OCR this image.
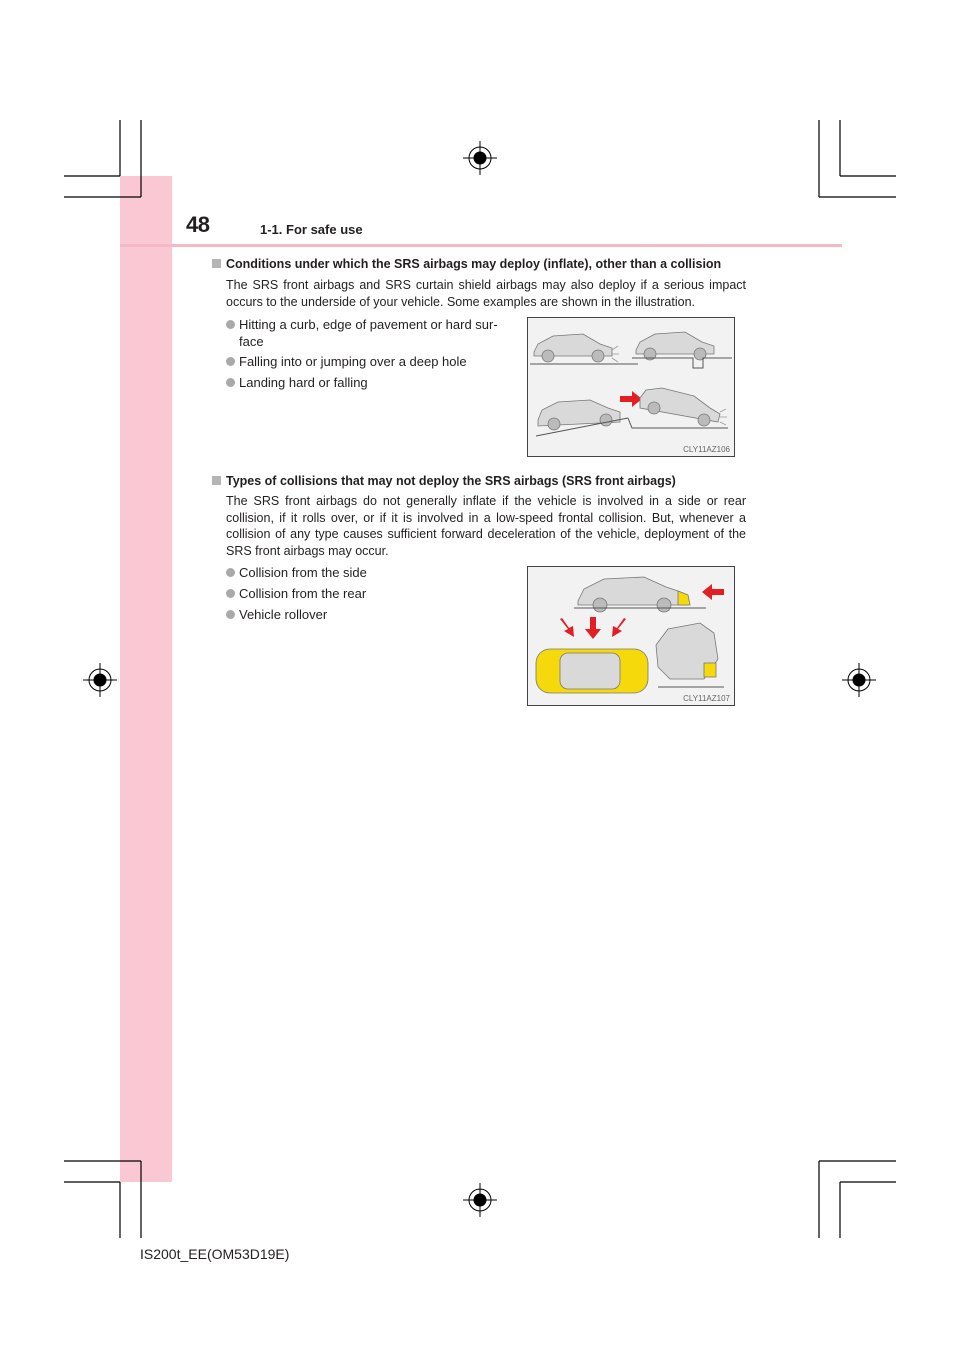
48	1-1. For safe use
Conditions under which the SRS airbags may deploy (inflate), other than a collision
The SRS front airbags and SRS curtain shield airbags may also deploy if a serious impact occurs to the underside of your vehicle. Some examples are shown in the illustration.
Hitting a curb, edge of pavement or hard sur-
face
Falling into or jumping over a deep hole
Landing hard or falling
CLY11AZ106
Types of collisions that may not deploy the SRS airbags (SRS front airbags)
The SRS front airbags do not generally inflate if the vehicle is involved in a side or rear collision, if it rolls over, or if it is involved in a low-speed frontal collision. But, whenever a collision of any type causes sufficient forward deceleration of the vehicle, deployment of the SRS front airbags may occur.
Collision from the side
Collision from the rear
Vehicle rollover
CLY11AZ107
IS200t_EE(OM53D19E)
